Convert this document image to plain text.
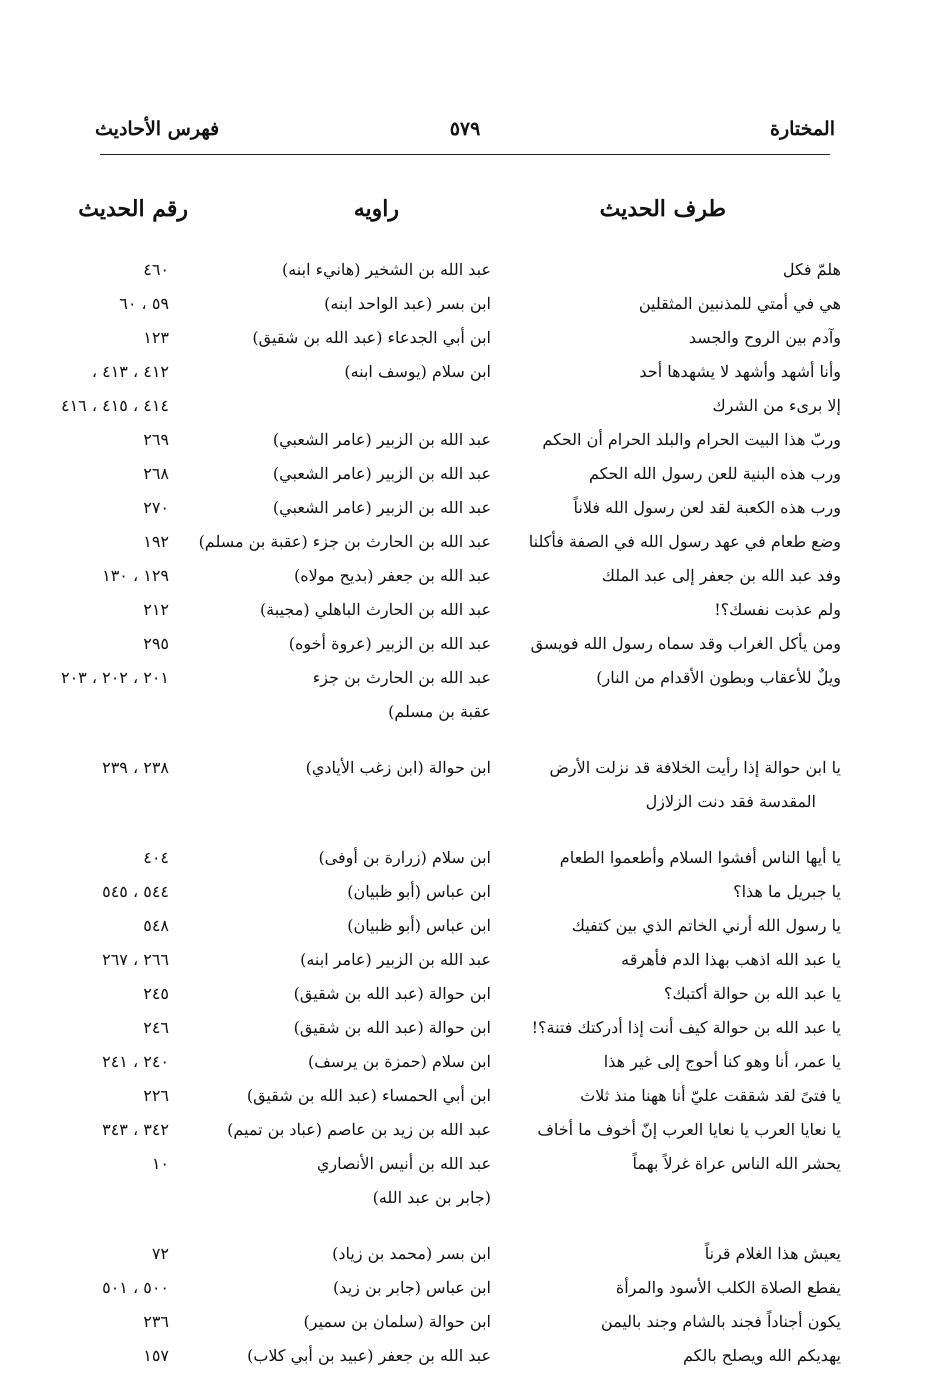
المختارة
٥٧٩
فهرس الأحاديث
طرف الحديث
راويه
رقم الحديث
هلمّ فكل
عبد الله بن الشخير (هانيء ابنه)
٤٦٠
هي في أمتي للمذنبين المثقلين
ابن بسر (عبد الواحد ابنه)
٥٩ ، ٦٠
وآدم بين الروح والجسد
ابن أبي الجدعاء (عبد الله بن شقيق)
١٢٣
وأنا أشهد وأشهد لا يشهدها أحد
ابن سلام (يوسف ابنه)
٤١٢ ، ٤١٣ ،
إلا برىء من الشرك
٤١٤ ، ٤١٥ ، ٤١٦
وربّ هذا البيت الحرام والبلد الحرام أن الحكم
عبد الله بن الزبير (عامر الشعبي)
٢٦٩
ورب هذه البنية للعن رسول الله الحكم
عبد الله بن الزبير (عامر الشعبي)
٢٦٨
ورب هذه الكعبة لقد لعن رسول الله فلاناً
عبد الله بن الزبير (عامر الشعبي)
٢٧٠
وضع طعام في عهد رسول الله في الصفة فأكلنا
عبد الله بن الحارث بن جزء (عقبة بن مسلم)
١٩٢
وفد عبد الله بن جعفر إلى عبد الملك
عبد الله بن جعفر (بديح مولاه)
١٢٩ ، ١٣٠
ولم عذبت نفسك؟!
عبد الله بن الحارث الباهلي (مجيبة)
٢١٢
ومن يأكل الغراب وقد سماه رسول الله فويسق
عبد الله بن الزبير (عروة أخوه)
٢٩٥
ويلٌ للأعقاب وبطون الأقدام من النار)
عبد الله بن الحارث بن جزء
٢٠١ ، ٢٠٢ ، ٢٠٣
عقبة بن مسلم)
يا ابن حوالة إذا رأيت الخلافة قد نزلت الأرض
ابن حوالة (ابن زغب الأيادي)
٢٣٨ ، ٢٣٩
المقدسة فقد دنت الزلازل
يا أيها الناس أفشوا السلام وأطعموا الطعام
ابن سلام (زرارة بن أوفى)
٤٠٤
يا جبريل ما هذا؟
ابن عباس (أبو ظبيان)
٥٤٤ ، ٥٤٥
يا رسول الله أرني الخاتم الذي بين كتفيك
ابن عباس (أبو ظبيان)
٥٤٨
يا عبد الله اذهب بهذا الدم فأهرقه
عبد الله بن الزبير (عامر ابنه)
٢٦٦ ، ٢٦٧
يا عبد الله بن حوالة أكتبك؟
ابن حوالة (عبد الله بن شقيق)
٢٤٥
يا عبد الله بن حوالة كيف أنت إذا أدركتك فتنة؟!
ابن حوالة (عبد الله بن شقيق)
٢٤٦
يا عمر، أنا وهو كنا أحوج إلى غير هذا
ابن سلام (حمزة بن يرسف)
٢٤٠ ، ٢٤١
يا فتىً لقد شققت عليّ أنا ههنا منذ ثلاث
ابن أبي الحمساء (عبد الله بن شقيق)
٢٢٦
يا نعايا العرب يا نعايا العرب إنّ أخوف ما أخاف
عبد الله بن زيد بن عاصم (عباد بن تميم)
٣٤٢ ، ٣٤٣
يحشر الله الناس عراة غرلاً بهماً
عبد الله بن أنيس الأنصاري
١٠
(جابر بن عبد الله)
يعيش هذا الغلام قرناً
ابن بسر (محمد بن زياد)
٧٢
يقطع الصلاة الكلب الأسود والمرأة
ابن عباس (جابر بن زيد)
٥٠٠ ، ٥٠١
يكون أجناداً فجند بالشام وجند باليمن
ابن حوالة (سلمان بن سمير)
٢٣٦
يهديكم الله ويصلح بالكم
عبد الله بن جعفر (عبيد بن أبي كلاب)
١٥٧
